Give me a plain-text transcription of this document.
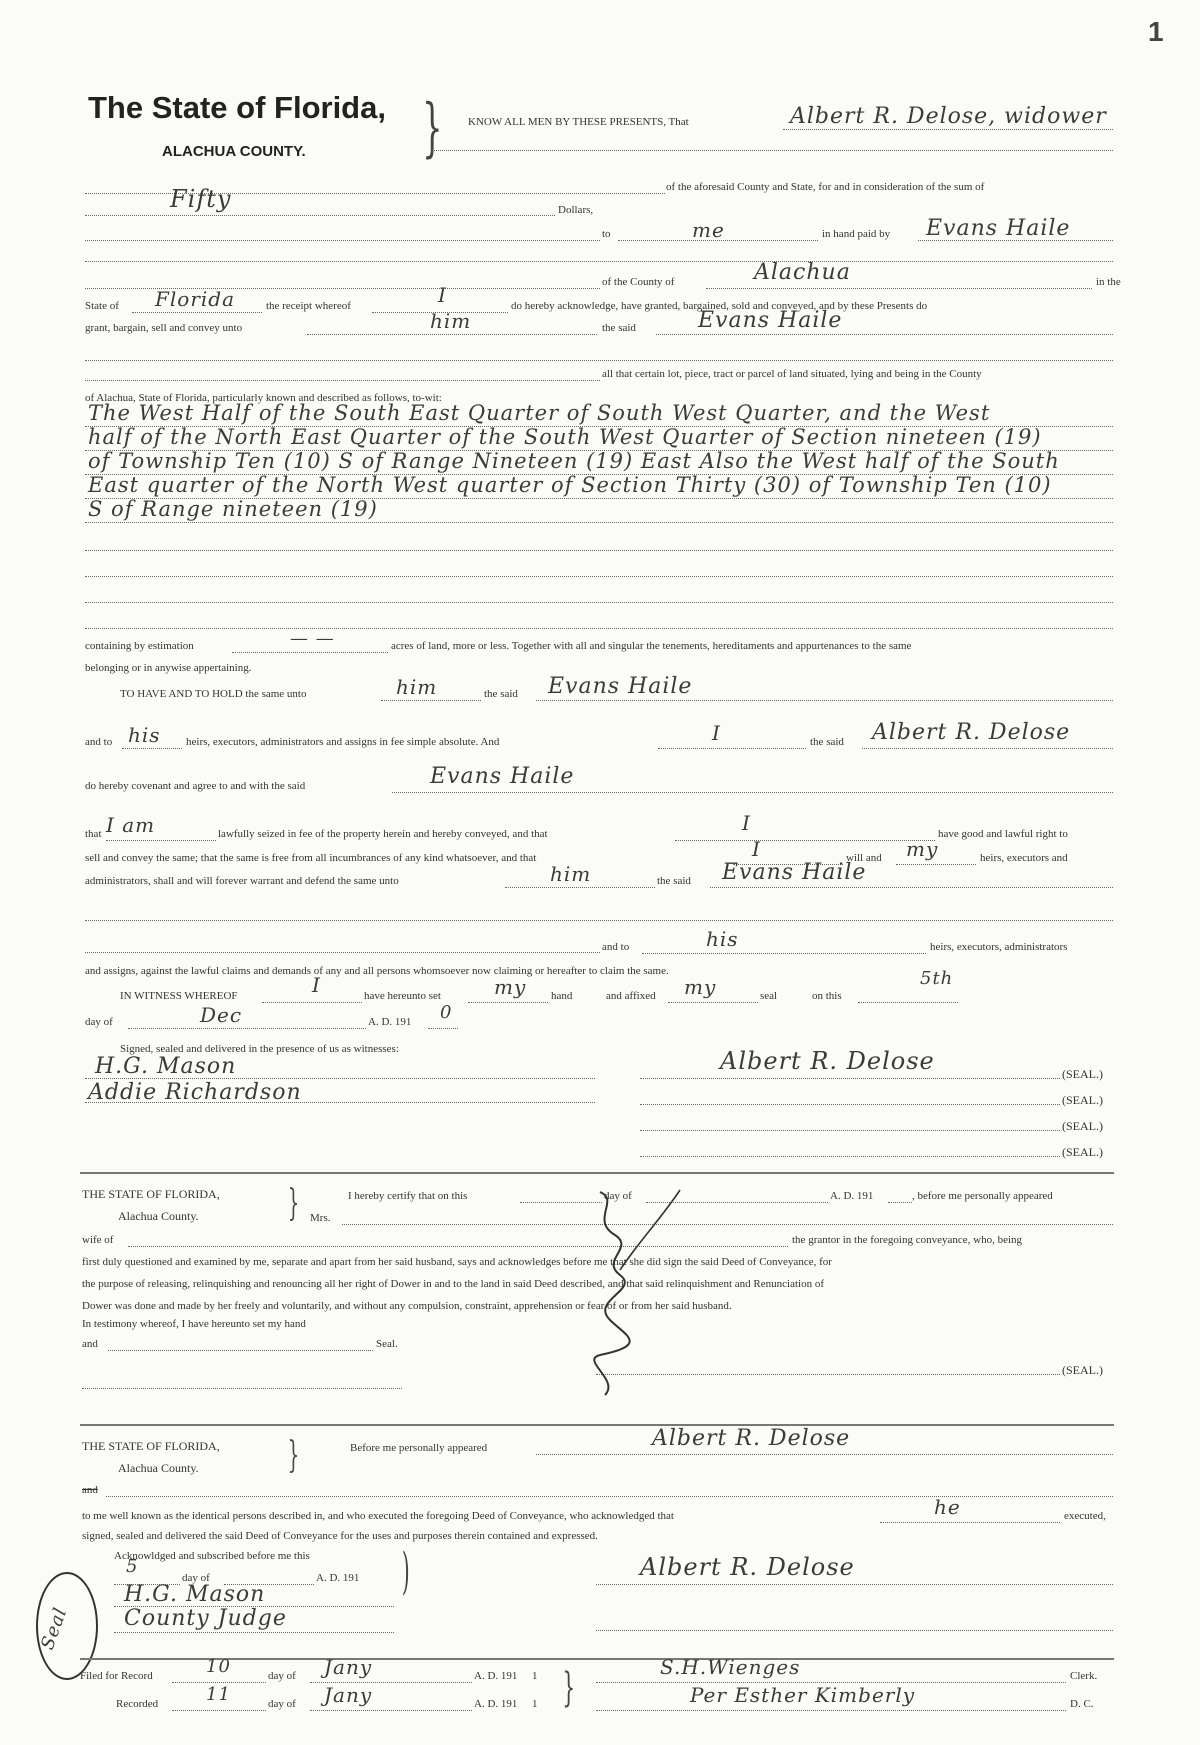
1
The State of Florida,
ALACHUA COUNTY. } KNOW ALL MEN BY THESE PRESENTS, That	Albert R. Delose, widower
of the aforesaid County and State, for and in consideration of the sum of
Fifty	Dollars,
to	me	in hand paid by Evans Haile
of the County of	Alachua	in the
State of Florida	the receipt whereof	I	do hereby acknowledge, have granted, bargained, sold and conveyed, and by these Presents do
grant, bargain, sell and convey unto	him	the said	Evans Haile
all that certain lot, piece, tract or parcel of land situated, lying and being in the County
of Alachua, State of Florida, particularly known and described as follows, to-wit:
The West Half of the South East Quarter of South West Quarter, and the West
half of the North East Quarter of the South West Quarter of Section nineteen (19)
of Township Ten (10) S of Range Nineteen (19) East Also the West half of the South
East quarter of the North West quarter of Section Thirty (30) of Township Ten (10)
S of Range nineteen (19)
containing by estimation	— —	acres of land, more or less. Together with all and singular the tenements, hereditaments and appurtenances to the same
belonging or in anywise appertaining.
TO HAVE AND TO HOLD the same unto	him	the said Evans Haile
and to his heirs, executors, administrators and assigns in fee simple absolute. And	I	the said Albert R. Delose
do hereby covenant and agree to and with the said	Evans Haile
that I am	lawfully seized in fee of the property herein and hereby conveyed, and that	I	have good and lawful right to
sell and convey the same; that the same is free from all incumbrances of any kind whatsoever, and that	I	will and my	heirs, executors and
administrators, shall and will forever warrant and defend the same unto	him	the said Evans Haile
and to	his	heirs, executors, administrators
and assigns, against the lawful claims and demands of any and all persons whomsoever now claiming or hereafter to claim the same.
IN WITNESS WHEREOF	I	have hereunto set	my hand	and affixed my	seal	on this
5th
day of	Dec	A. D. 191 0
Signed, sealed and delivered in the presence of us as witnesses:
H.G. Mason
Addie Richardson
Albert R. Delose	(SEAL.)
(SEAL.)
(SEAL.)
(SEAL.)
THE STATE OF FLORIDA,
Alachua County. }	I hereby certify that on this	day of	A. D. 191	, before me personally appeared
Mrs.
wife of	the grantor in the foregoing conveyance, who, being
first duly questioned and examined by me, separate and apart from her said husband, says and acknowledges before me that she did sign the said Deed of Conveyance, for
the purpose of releasing, relinquishing and renouncing all her right of Dower in and to the land in said Deed described, and that said relinquishment and Renunciation of
Dower was done and made by her freely and voluntarily, and without any compulsion, constraint, apprehension or fear of or from her said husband.
In testimony whereof, I have hereunto set my hand
and	Seal.
(SEAL.)
THE STATE OF FLORIDA,
Alachua County. }	Before me personally appeared	Albert R. Delose
and
to me well known as the identical persons described in, and who executed the foregoing Deed of Conveyance, who acknowledged that	he	executed,
signed, sealed and delivered the said Deed of Conveyance for the uses and purposes therein contained and expressed.
Acknowldged and subscribed before me this
5
day of	A. D. 191 )	Albert R. Delose
H.G. Mason
County Judge
Seal
Filed for Record	10	day of Jany	A. D. 191 1
Recorded	11	day of Jany	A. D. 191 1 }	S.H.Wienges	Clerk.
Per Esther Kimberly	D. C.
